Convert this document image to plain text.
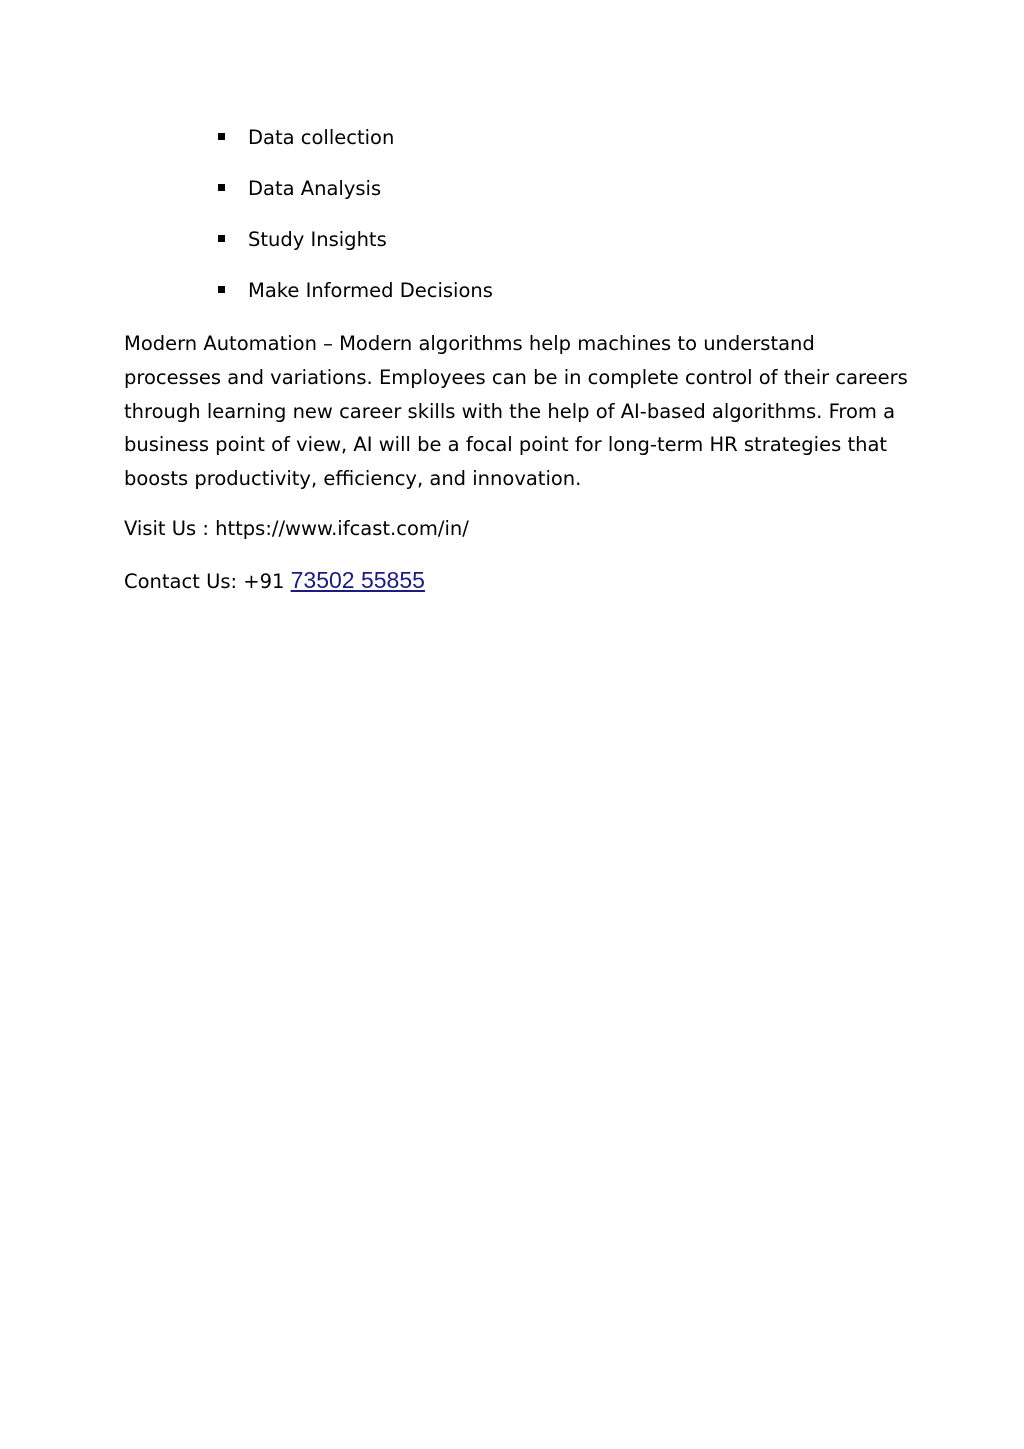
Data collection
Data Analysis
Study Insights
Make Informed Decisions

Modern Automation – Modern algorithms help machines to understand processes and variations. Employees can be in complete control of their careers through learning new career skills with the help of AI-based algorithms. From a business point of view, AI will be a focal point for long-term HR strategies that boosts productivity, efficiency, and innovation.

Visit Us : https://www.ifcast.com/in/

Contact Us: +91 73502 55855
